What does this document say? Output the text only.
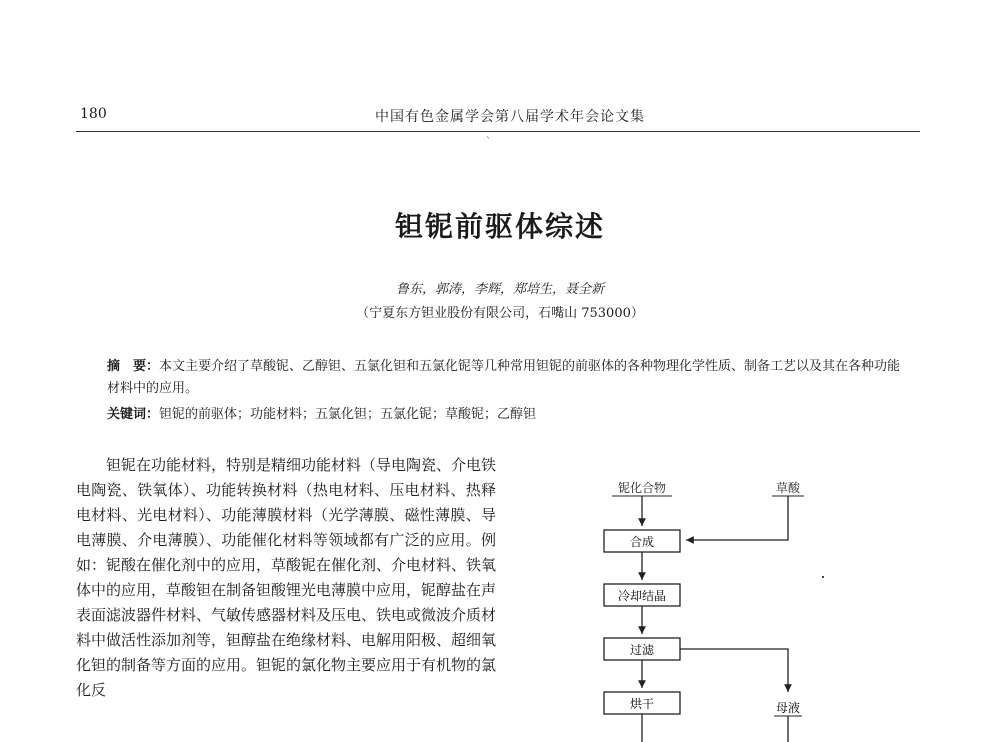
180	中国有色金属学会第八届学术年会论文集
`
钽铌前驱体综述
鲁东，郭涛，李辉，郑培生，聂全新
（宁夏东方钽业股份有限公司，石嘴山 753000）
摘　要：本文主要介绍了草酸铌、乙醇钽、五氯化钽和五氯化铌等几种常用钽铌的前驱体的各种物理化学性质、制备工艺以及其在各种功能材料中的应用。
关键词：钽铌的前驱体；功能材料；五氯化钽；五氯化铌；草酸铌；乙醇钽

钽铌在功能材料，特别是精细功能材料（导电陶瓷、介电铁电陶瓷、铁氧体）、功能转换材料（热电材料、压电材料、热释电材料、光电材料）、功能薄膜材料（光学薄膜、磁性薄膜、导电薄膜、介电薄膜）、功能催化材料等领域都有广泛的应用。例如：铌酸在催化剂中的应用，草酸铌在催化剂、介电材料、铁氧体中的应用，草酸钽在制备钽酸锂光电薄膜中应用，铌醇盐在声表面滤波器件材料、气敏传感器材料及压电、铁电或微波介质材料中做活性添加剂等，钽醇盐在绝缘材料、电解用阳极、超细氧化钽的制备等方面的应用。钽铌的氯化物主要应用于有机物的氯化反

铌化合物	草酸
合成
冷却结晶
过滤
母液
烘干
